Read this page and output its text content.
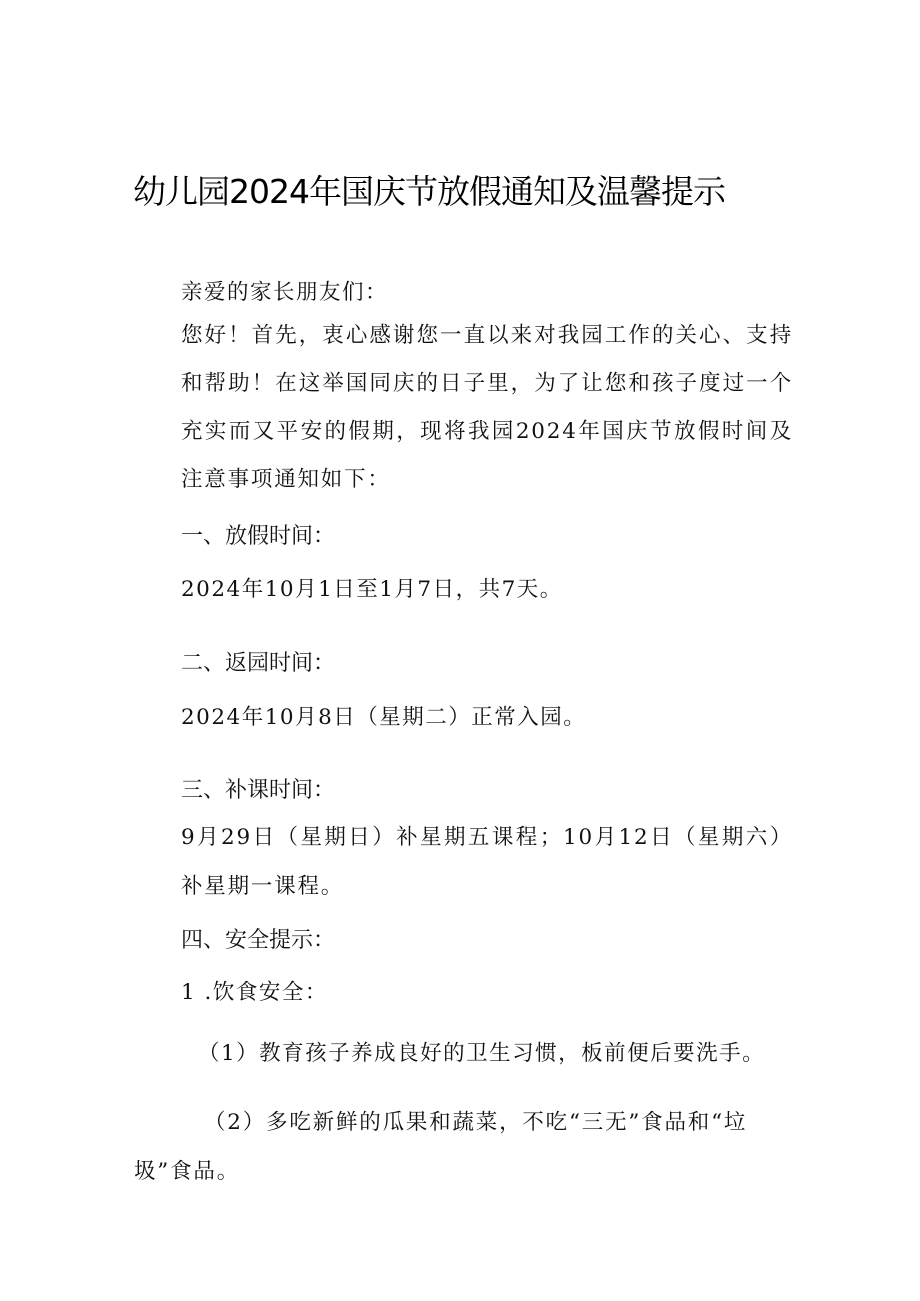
幼儿园2024年国庆节放假通知及温馨提示
亲爱的家长朋友们：
您好！首先，衷心感谢您一直以来对我园工作的关心、支持和帮助！在这举国同庆的日子里，为了让您和孩子度过一个充实而又平安的假期，现将我园2024年国庆节放假时间及注意事项通知如下：
一、放假时间：
2024年10月1日至1月7日，共7天。
二、返园时间：
2024年10月8日（星期二）正常入园。
三、补课时间：
9月29日（星期日）补星期五课程；10月12日（星期六）补星期一课程。
四、安全提示：
1 .饮食安全：
（1）教育孩子养成良好的卫生习惯，板前便后要洗手。
（2）多吃新鲜的瓜果和蔬菜，不吃“三无”食品和“垃圾”食品。
